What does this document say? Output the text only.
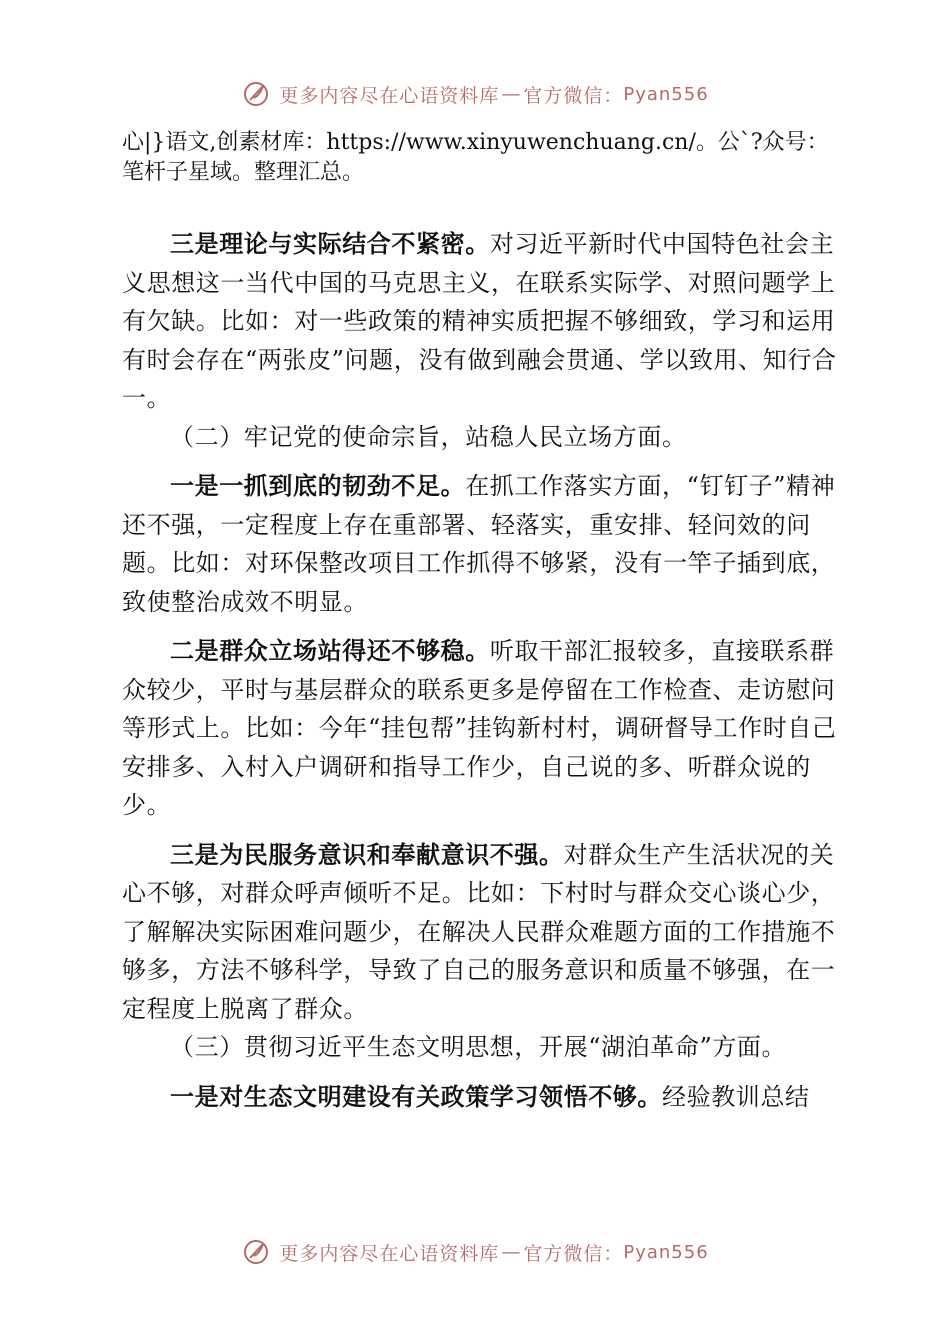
更多内容尽在心语资料库 — 官方微信： Pyan556
心|}语文,创素材库：https://www.xinyuwenchuang.cn/。公`?众号：笔杆子星域。整理汇总。

三是理论与实际结合不紧密。对习近平新时代中国特色社会主义思想这一当代中国的马克思主义，在联系实际学、对照问题学上有欠缺。比如：对一些政策的精神实质把握不够细致，学习和运用有时会存在“两张皮”问题，没有做到融会贯通、学以致用、知行合一。

（二）牢记党的使命宗旨，站稳人民立场方面。

一是一抓到底的韧劲不足。在抓工作落实方面，“钉钉子”精神还不强，一定程度上存在重部署、轻落实，重安排、轻问效的问题。比如：对环保整改项目工作抓得不够紧，没有一竿子插到底，致使整治成效不明显。

二是群众立场站得还不够稳。听取干部汇报较多，直接联系群众较少，平时与基层群众的联系更多是停留在工作检查、走访慰问等形式上。比如：今年“挂包帮”挂钩新村村，调研督导工作时自己安排多、入村入户调研和指导工作少，自己说的多、听群众说的少。

三是为民服务意识和奉献意识不强。对群众生产生活状况的关心不够，对群众呼声倾听不足。比如：下村时与群众交心谈心少，了解解决实际困难问题少，在解决人民群众难题方面的工作措施不够多，方法不够科学，导致了自己的服务意识和质量不够强，在一定程度上脱离了群众。

（三）贯彻习近平生态文明思想，开展“湖泊革命”方面。

一是对生态文明建设有关政策学习领悟不够。经验教训总结

更多内容尽在心语资料库 — 官方微信： Pyan556
